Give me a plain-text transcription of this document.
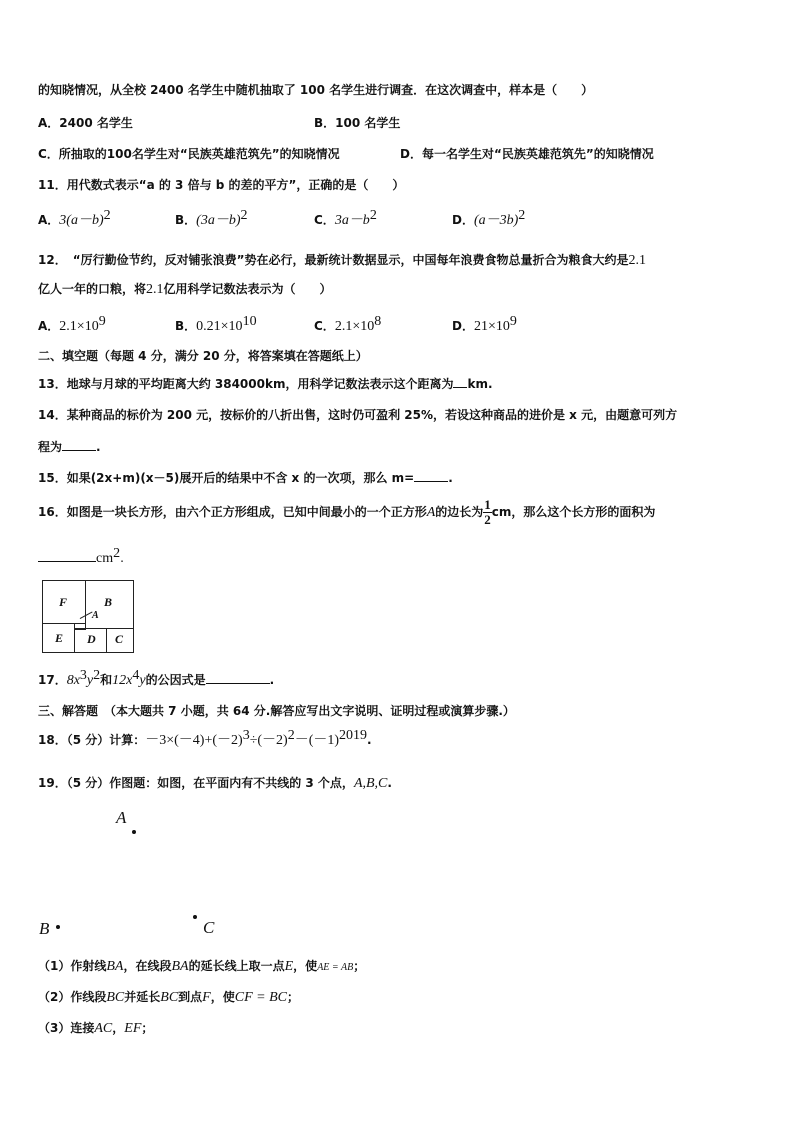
的知晓情况，从全校 2400 名学生中随机抽取了 100 名学生进行调查．在这次调查中，样本是（　　）
A．2400 名学生	B．100 名学生
C．所抽取的100名学生对“民族英雄范筑先”的知晓情况	D．每一名学生对“民族英雄范筑先”的知晓情况
11．用代数式表示“a 的 3 倍与 b 的差的平方”，正确的是（　　）
A．$3(a-b)^2$	B．$(3a-b)^2$	C．$3a-b^2$	D．$(a-3b)^2$
12．　“厉行勤俭节约，反对铺张浪费”势在必行，最新统计数据显示，中国每年浪费食物总量折合为粮食大约是2.1
亿人一年的口粮，将2.1亿用科学记数法表示为（　　）
A．$2.1\times 10^9$	B．$0.21\times 10^{10}$	C．$2.1\times 10^8$	D．$21\times 10^9$
二、填空题（每题 4 分，满分 20 分，将答案填在答题纸上）
13．地球与月球的平均距离大约 384000km，用科学记数法表示这个距离为 km.
14．某种商品的标价为 200 元，按标价的八折出售，这时仍可盈利 25%，若设这种商品的进价是 x 元，由题意可列方
程为	.
15．如果(2x+m)(x－5)展开后的结果中不含 x 的一次项，那么 m=	.
16．如图是一块长方形，由六个正方形组成，已知中间最小的一个正方形A的边长为 $\frac{1}{2}$ cm，那么这个长方形的面积为
$cm^2$.
F	B
A
E D C
17．$8x^3y^2$和$12x^4y$的公因式是	.
三、解答题　（本大题共 7 小题，共 64 分.解答应写出文字说明、证明过程或演算步骤.）
18．（5 分）计算：$-3\times(-4)+(-2)^3\div(-2)^2-(-1)^{2019}$.
19．（5 分）作图题：如图，在平面内有不共线的 3 个点，A,B,C.
A
B	C
（1）作射线BA，在线段BA的延长线上取一点E，使AE = AB；
（2）作线段BC并延长BC到点F，使CF = BC；
（3）连接AC，EF；
